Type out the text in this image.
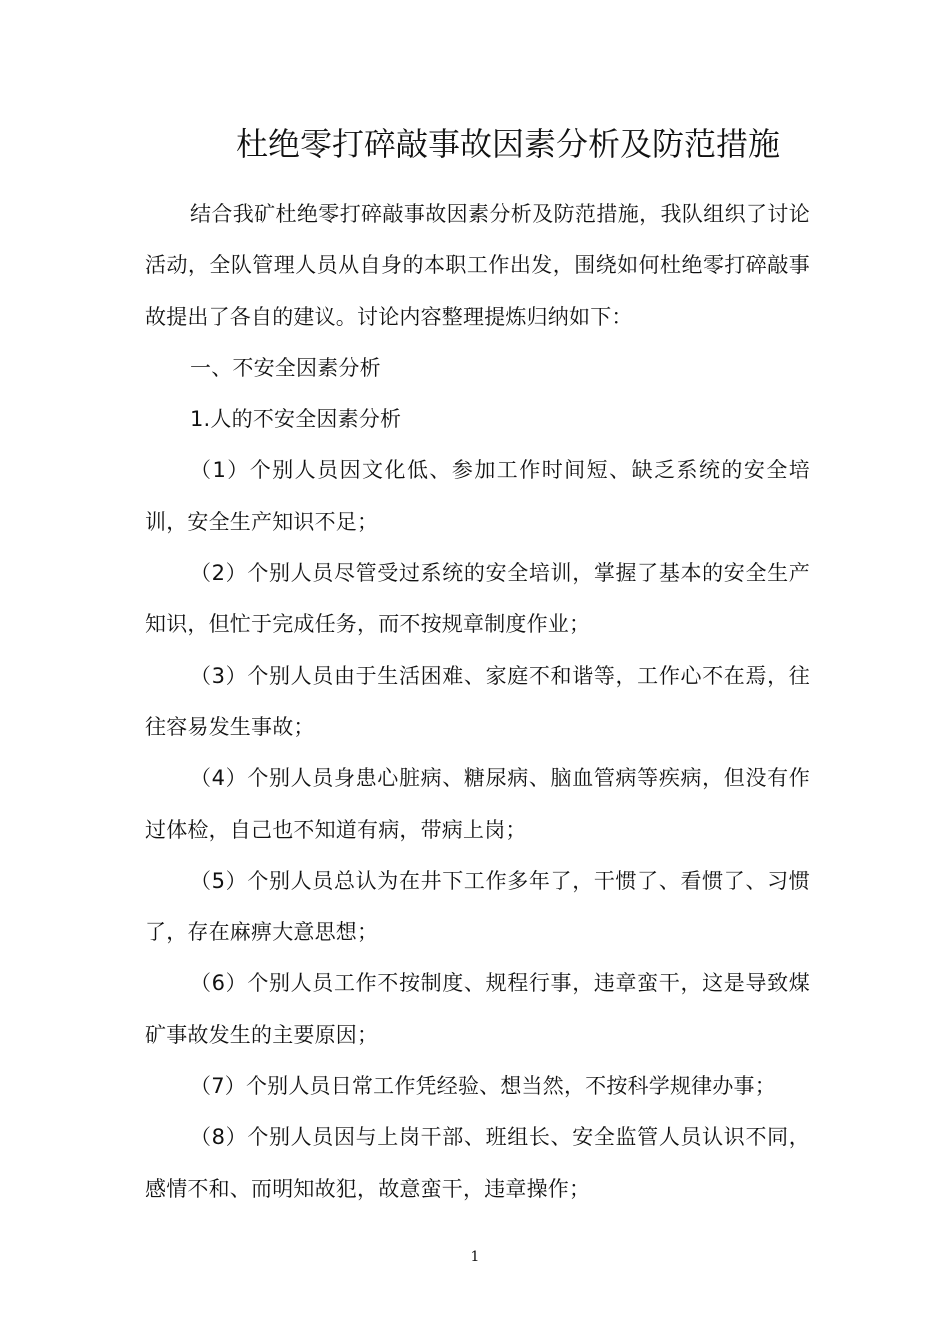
杜绝零打碎敲事故因素分析及防范措施

结合我矿杜绝零打碎敲事故因素分析及防范措施，我队组织了讨论活动，全队管理人员从自身的本职工作出发，围绕如何杜绝零打碎敲事故提出了各自的建议。讨论内容整理提炼归纳如下：

一、不安全因素分析

1.人的不安全因素分析

（1）个别人员因文化低、参加工作时间短、缺乏系统的安全培训，安全生产知识不足；

（2）个别人员尽管受过系统的安全培训，掌握了基本的安全生产知识，但忙于完成任务，而不按规章制度作业；

（3）个别人员由于生活困难、家庭不和谐等，工作心不在焉，往往容易发生事故；

（4）个别人员身患心脏病、糖尿病、脑血管病等疾病，但没有作过体检，自己也不知道有病，带病上岗；

（5）个别人员总认为在井下工作多年了，干惯了、看惯了、习惯了，存在麻痹大意思想；

（6）个别人员工作不按制度、规程行事，违章蛮干，这是导致煤矿事故发生的主要原因；

（7）个别人员日常工作凭经验、想当然，不按科学规律办事；

（8）个别人员因与上岗干部、班组长、安全监管人员认识不同，感情不和、而明知故犯，故意蛮干，违章操作；

1
